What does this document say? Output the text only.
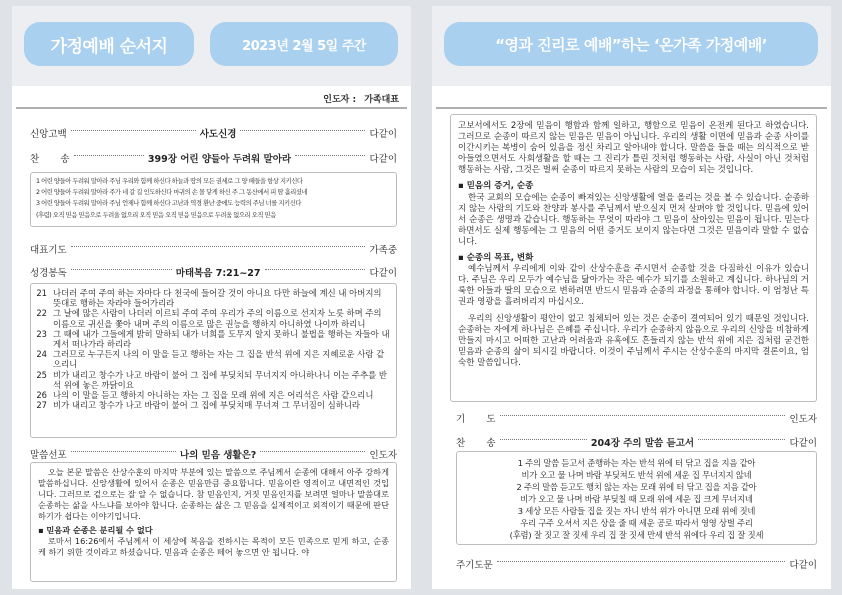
가정예배 순서지	2023년 2월 5일 주간
인도자 : 가족대표
신앙고백	사도신경	다같이
찬       송	399장 어린 양들아 두려워 말아라	다같이
1 어린 양들아 두려워 말아라 주님 우리와 함께 하신다 하늘과 땅의 모든 권세로 그 양 떼들을 항상 지키신다
2 어린 양들아 두려워 말아라 주가 네 갈 길 인도하신다 마귀의 손 몰 닿게 하신 주 그 동산에서 피 땀 흘리셨네
3 어린 양들아 두려워 말아라 주님 언제나 함께 하신다 고난과 역경 환난 중에도 능력의 주님 너를 지키신다
(후렴) 오직 믿음 믿음으로 두려울 없으리 오직 믿음 오직 믿음 믿음으로 두려움 없으리 오직 믿음
대표기도	가족중
성경봉독	마태복음 7:21~27	다같이
21 나더러 주여 주여 하는 자마다 다 천국에 들어갈 것이 아니요 다만 하늘에 계신 내 아버지의 뜻대로 행하는 자라야 들어가리라
22 그 날에 많은 사람이 나더러 이르되 주여 주여 우리가 주의 이름으로 선지자 노릇 하며 주의 이름으로 귀신을 쫓아 내며 주의 이름으로 많은 권능을 행하지 아니하였 나이까 하리니
23 그 때에 내가 그들에게 밝히 말하되 내가 너희를 도무지 알지 못하니 불법을 행하는 자들아 내게서 떠나가라 하리라
24 그러므로 누구든지 나의 이 말을 듣고 행하는 자는 그 집을 반석 위에 지은 지혜로운 사람 같으리니
25 비가 내리고 창수가 나고 바람이 불어 그 집에 부딪치되 무너지지 아니하나니 이는 주추를 반석 위에 놓은 까닭이요
26 나의 이 말을 듣고 행하지 아니하는 자는 그 집을 모래 위에 지은 어리석은 사람 같으리니
27 비가 내리고 창수가 나고 바람이 불어 그 집에 부딪치매 무너져 그 무너짐이 심하니라
말씀선포	나의 믿음 생활은?	인도자
오늘 본문 말씀은 산상수훈의 마지막 부분에 있는 말씀으로 주님께서 순종에 대해서 아주 강하게 말씀하십니다. 신앙생활에 있어서 순종은 믿음만큼 중요합니다. 믿음이란 영적이고 내면적인 것입니다. 그러므로 겉으로는 잘 알 수 없습니다. 참 믿음인지, 거짓 믿음인지를 보려면 얼마나 말씀대로 순종하는 삶을 사느냐를 보아야 합니다. 순종하는 삶은 그 믿음을 실제적이고 외적이기 때문에 판단하기가 쉽다는 이야기입니다.
▪ 믿음과 순종은 분리될 수 없다
로마서 16:26에서 주님께서 이 세상에 복음을 전하시는 목적이 모든 민족으로 믿게 하고, 순종케 하기 위한 것이라고 하셨습니다. 믿음과 순종은 떼어 놓으면 안 됩니다. 야
“영과 진리로 예배”하는 ‘온가족 가정예배’
고보서에서도 2장에 믿음이 행함과 함께 일하고, 행함으로 믿음이 온전케 된다고 하였습니다. 그러므로 순종이 따르지 않는 믿음은 믿음이 아닙니다. 우리의 생활 이면에 믿음과 순종 사이를 이간시키는 복병이 숨어 있음을 정신 차리고 알아내야 합니다. 말씀을 들을 때는 의식적으로 받아들였으면서도 사회생활을 할 때는 그 진리가 틀린 것처럼 행동하는 사람, 사실이 아닌 것처럼 행동하는 사람, 그것은 벌써 순종이 따르지 못하는 사람의 모습이 되는 것입니다.
▪ 믿음의 증거, 순종
한국 교회의 모습에는 순종이 빠져있는 신앙생활에 열을 올리는 것을 볼 수 있습니다. 순종하지 않는 사람의 기도와 찬양과 봉사를 주님께서 받으실지 먼저 살펴야 할 것입니다. 믿음에 있어서 순종은 생명과 같습니다. 행동하는 무엇이 따라야 그 믿음이 살아있는 믿음이 됩니다. 믿는다 하면서도 실제 행동에는 그 믿음의 어떤 증거도 보이지 않는다면 그것은 믿음이라 말할 수 없습니다.
▪ 순종의 목표, 변화
예수님께서 우리에게 이와 같이 산상수훈을 주시면서 순종할 것을 다짐하신 이유가 있습니다. 주님은 우리 모두가 예수님을 닮아가는 작은 예수가 되기를 소원하고 계십니다. 하나님의 거룩한 아들과 딸의 모습으로 변하려면 반드시 믿음과 순종의 과정을 통해야 합니다. 이 엄청난 특권과 영광을 흘려버리지 마십시오.
우리의 신앙생활이 평안이 없고 침체되어 있는 것은 순종이 결여되어 있기 때문일 것입니다. 순종하는 자에게 하나님은 은혜를 주십니다. 우리가 순종하지 않음으로 우리의 신앙을 비참하게 만들지 마시고 어떠한 고난과 어려움과 유혹에도 흔들리지 않는 반석 위에 지은 집처럼 굳건한 믿음과 순종의 삶이 되시길 바랍니다. 이것이 주님께서 주시는 산상수훈의 마지막 결론이요, 엄숙한 말씀입니다.
기       도	인도자
찬       송	204장 주의 말씀 듣고서	다같이
1 주의 말씀 듣고서 준행하는 자는 반석 위에 터 닦고 집을 지음 같아
비가 오고 물 나며 바람 부딪쳐도 반석 위에 세운 집 무너지지 않네
2 주의 말씀 듣고도 행치 않는 자는 모래 위에 터 닦고 집을 지음 같아
비가 오고 물 나며 바람 부딪칠 때 모래 위에 세운 집 크게 무너지네
3 세상 모든 사람들 집을 짓는 자니 반석 위가 아니면 모래 위에 짓네
우리 구주 오셔서 지은 상을 줄 때 세운 공로 따라서 영영 상벌 주리
(후렴) 잘 짓고 잘 짓세 우리 집 잘 짓세 만세 반석 위에다 우리 집 잘 짓세
주기도문	다같이
